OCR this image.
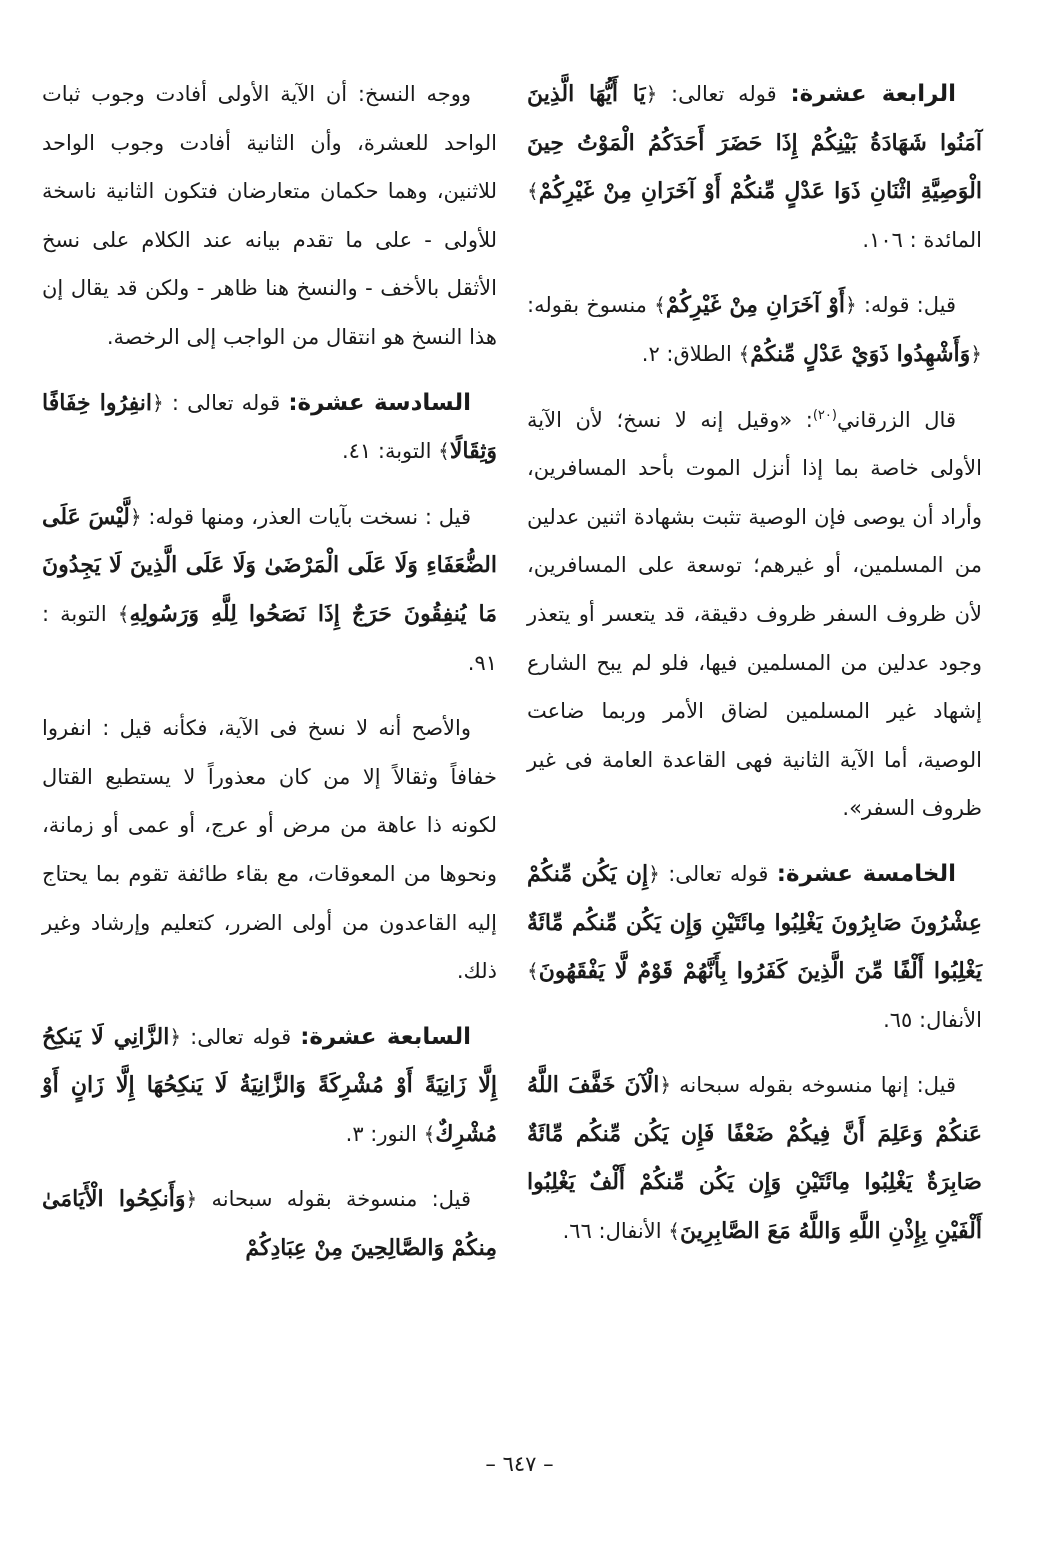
الرابعة عشرة: قوله تعالى: ﴿يَا أَيُّهَا الَّذِينَ آمَنُوا شَهَادَةُ بَيْنِكُمْ إِذَا حَضَرَ أَحَدَكُمُ الْمَوْتُ حِينَ الْوَصِيَّةِ اثْنَانِ ذَوَا عَدْلٍ مِّنكُمْ أَوْ آخَرَانِ مِنْ غَيْرِكُمْ﴾ المائدة : ١٠٦.

قيل: قوله: ﴿أَوْ آخَرَانِ مِنْ غَيْرِكُمْ﴾ منسوخ بقوله: ﴿وَأَشْهِدُوا ذَوَيْ عَدْلٍ مِّنكُمْ﴾ الطلاق: ٢.

قال الزرقاني$^{(٢٠)}$: «وقيل إنه لا نسخ؛ لأن الآية الأولى خاصة بما إذا أنزل الموت بأحد المسافرين، وأراد أن يوصى فإن الوصية تثبت بشهادة اثنين عدلين من المسلمين، أو غيرهم؛ توسعة على المسافرين، لأن ظروف السفر ظروف دقيقة، قد يتعسر أو يتعذر وجود عدلين من المسلمين فيها، فلو لم يبح الشارع إشهاد غير المسلمين لضاق الأمر وربما ضاعت الوصية، أما الآية الثانية فهى القاعدة العامة فى غير ظروف السفر».

الخامسة عشرة: قوله تعالى: ﴿إِن يَكُن مِّنكُمْ عِشْرُونَ صَابِرُونَ يَغْلِبُوا مِائَتَيْنِ وَإِن يَكُن مِّنكُم مِّائَةٌ يَغْلِبُوا أَلْفًا مِّنَ الَّذِينَ كَفَرُوا بِأَنَّهُمْ قَوْمٌ لَّا يَفْقَهُونَ﴾ الأنفال: ٦٥.

قيل: إنها منسوخه بقوله سبحانه ﴿الْآنَ خَفَّفَ اللَّهُ عَنكُمْ وَعَلِمَ أَنَّ فِيكُمْ ضَعْفًا فَإِن يَكُن مِّنكُم مِّائَةٌ صَابِرَةٌ يَغْلِبُوا مِائَتَيْنِ وَإِن يَكُن مِّنكُمْ أَلْفٌ يَغْلِبُوا أَلْفَيْنِ بِإِذْنِ اللَّهِ وَاللَّهُ مَعَ الصَّابِرِينَ﴾ الأنفال: ٦٦.

ووجه النسخ: أن الآية الأولى أفادت وجوب ثبات الواحد للعشرة، وأن الثانية أفادت وجوب الواحد للاثنين، وهما حكمان متعارضان فتكون الثانية ناسخة للأولى - على ما تقدم بيانه عند الكلام على نسخ الأثقل بالأخف - والنسخ هنا ظاهر - ولكن قد يقال إن هذا النسخ هو انتقال من الواجب إلى الرخصة.

السادسة عشرة: قوله تعالى : ﴿انفِرُوا خِفَافًا وَثِقَالًا﴾ التوبة: ٤١.

قيل : نسخت بآيات العذر، ومنها قوله: ﴿لَّيْسَ عَلَى الضُّعَفَاءِ وَلَا عَلَى الْمَرْضَىٰ وَلَا عَلَى الَّذِينَ لَا يَجِدُونَ مَا يُنفِقُونَ حَرَجٌ إِذَا نَصَحُوا لِلَّهِ وَرَسُولِهِ﴾ التوبة : ٩١.

والأصح أنه لا نسخ فى الآية، فكأنه قيل : انفروا خفافاً وثقالاً إلا من كان معذوراً لا يستطيع القتال لكونه ذا عاهة من مرض أو عرج، أو عمى أو زمانة، ونحوها من المعوقات، مع بقاء طائفة تقوم بما يحتاج إليه القاعدون من أولى الضرر، كتعليم وإرشاد وغير ذلك.

السابعة عشرة: قوله تعالى: ﴿الزَّانِي لَا يَنكِحُ إِلَّا زَانِيَةً أَوْ مُشْرِكَةً وَالزَّانِيَةُ لَا يَنكِحُهَا إِلَّا زَانٍ أَوْ مُشْرِكٌ﴾ النور: ٣.

قيل: منسوخة بقوله سبحانه ﴿وَأَنكِحُوا الْأَيَامَىٰ مِنكُمْ وَالصَّالِحِينَ مِنْ عِبَادِكُمْ

– ٦٤٧ –
